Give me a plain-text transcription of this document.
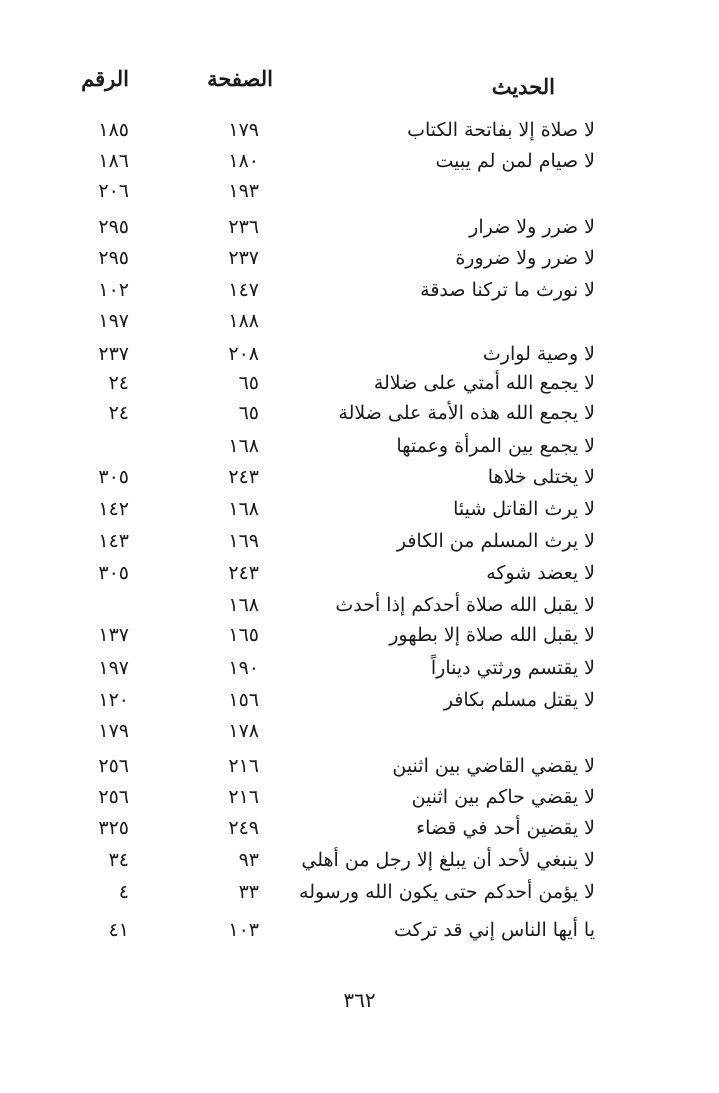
الحديث
الصفحة
الرقم
لا صلاة إلا بفاتحة الكتاب
١٧٩
١٨٥
لا صيام لمن لم يبيت
١٨٠
١٨٦
١٩٣
٢٠٦
لا ضرر ولا ضرار
٢٣٦
٢٩٥
لا ضرر ولا ضرورة
٢٣٧
٢٩٥
لا نورث ما تركنا صدقة
١٤٧
١٠٢
١٨٨
١٩٧
لا وصية لوارث
٢٠٨
٢٣٧
لا يجمع الله أمتي على ضلالة
٦٥
٢٤
لا يجمع الله هذه الأمة على ضلالة
٦٥
٢٤
لا يجمع بين المرأة وعمتها
١٦٨
لا يختلى خلاها
٢٤٣
٣٠٥
لا يرث القاتل شيئا
١٦٨
١٤٢
لا يرث المسلم من الكافر
١٦٩
١٤٣
لا يعضد شوكه
٢٤٣
٣٠٥
لا يقبل الله صلاة أحدكم إذا أحدث
١٦٨
لا يقبل الله صلاة إلا بطهور
١٦٥
١٣٧
لا يقتسم ورثتي ديناراً
١٩٠
١٩٧
لا يقتل مسلم بكافر
١٥٦
١٢٠
١٧٨
١٧٩
لا يقضي القاضي بين اثنين
٢١٦
٢٥٦
لا يقضي حاكم بين اثنين
٢١٦
٢٥٦
لا يقضين أحد في قضاء
٢٤٩
٣٢٥
لا ينبغي لأحد أن يبلغ إلا رجل من أهلي
٩٣
٣٤
لا يؤمن أحدكم حتى يكون الله ورسوله
٣٣
٤
يا أيها الناس إني قد تركت
١٠٣
٤١
٣٦٢
